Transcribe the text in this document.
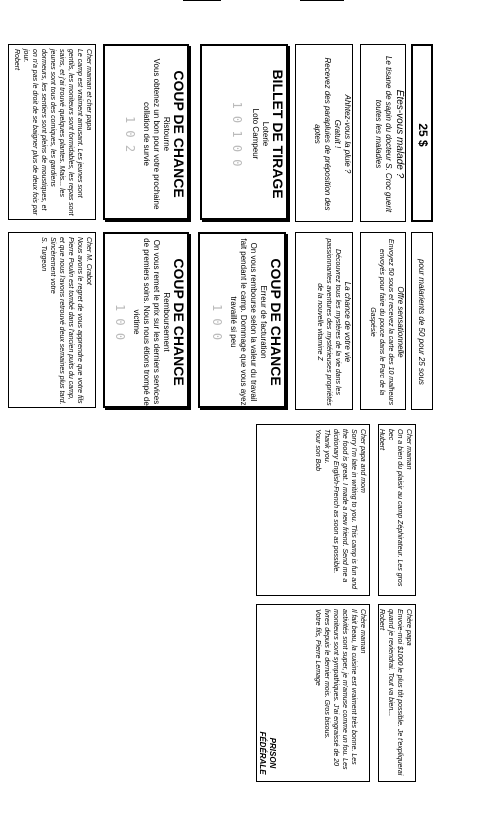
25 $
Êtes-vous malade ?
Le tisane de sapin du docteur S. Croc guerit toutes les maladies
Ahhtez-vous la pluie ?
Gratuit !
Recevez des parapluies de préposition des aptes
BILLET DE TIRAGE
Loterie
Loto Campeur
1 0 1 0 0
COUP DE CHANCE
Ristourne
Vous obtenez un bon pour votre prochaine collation de survie
1 0 2
Cher maman et cher papa
Le camp est vraiment amusant. Les jeunes sont gentils, les moniteurs sont formidables, les repas sont sains, et j'ai trouvé quelques plantes. Mais... les jeunes sont tous des comiques, les gardiens dormeurs, les sentiers sont pleins de moustiques, et on n'a pas le droit de se baigner plus de deux fois par jour.
Robert
pour malarients de 50 pour 25 sous
Offre sensationnelle
Envoyez 50 sous et recevez la carte des 10 malheurs envoyés pour faire du pouce dans le Parc de la Gaspésie
La chance de votre vie
Découvrez tous les mystères de la vie dans les passionnantes aventures des mystérieuses propriétés de la nouvelle vitamine Z
COUP DE CHANCE
Erreur de facturation
On vous rembourse selon la valeur du travail fait pendant le camp. Dommage que vous ayez travaillé si peu
1 0 0
COUP DE CHANCE
Remboursement
On vous remet le prix sur les derniers services de premiers soins. Nous nous étions trompé de victime
1 0 0
Cher M. Crabot
Nous avons le regret de vous apprendre que votre fils Pierre Poulin est tombé dans l'ancien puits du camp, et que nous l'avons retrouvé deux semaines plus tard. Sincèrement votre
S. Turgeon
Cher maman
On a bien du plaisir au camp Zéphirateur. Les gros bec
Hubert
Cher papa and mom
Sorry I'm late in writing to you. This camp is fun and the food is great. I made a new friend. Send me a dictionary English-French as soon as possible. Thank you.
Your son Bob
Chère papa
Envoie-moi $1000 le plus tôt possible. Je t'expliquerai quand je reviendrai. Tout va bien...
Robert
Chère maman
Il fait beau, la cuisine est vraiment très bonne. Les activités sont super, je m'amuse comme un fou. Les moniteurs sont sympathiques. J'ai engraissé de 20 livres depuis le dernier mois. Gros bisous.
Votre fils, Pierre Lemage
PRISON FÉDÉRALE
